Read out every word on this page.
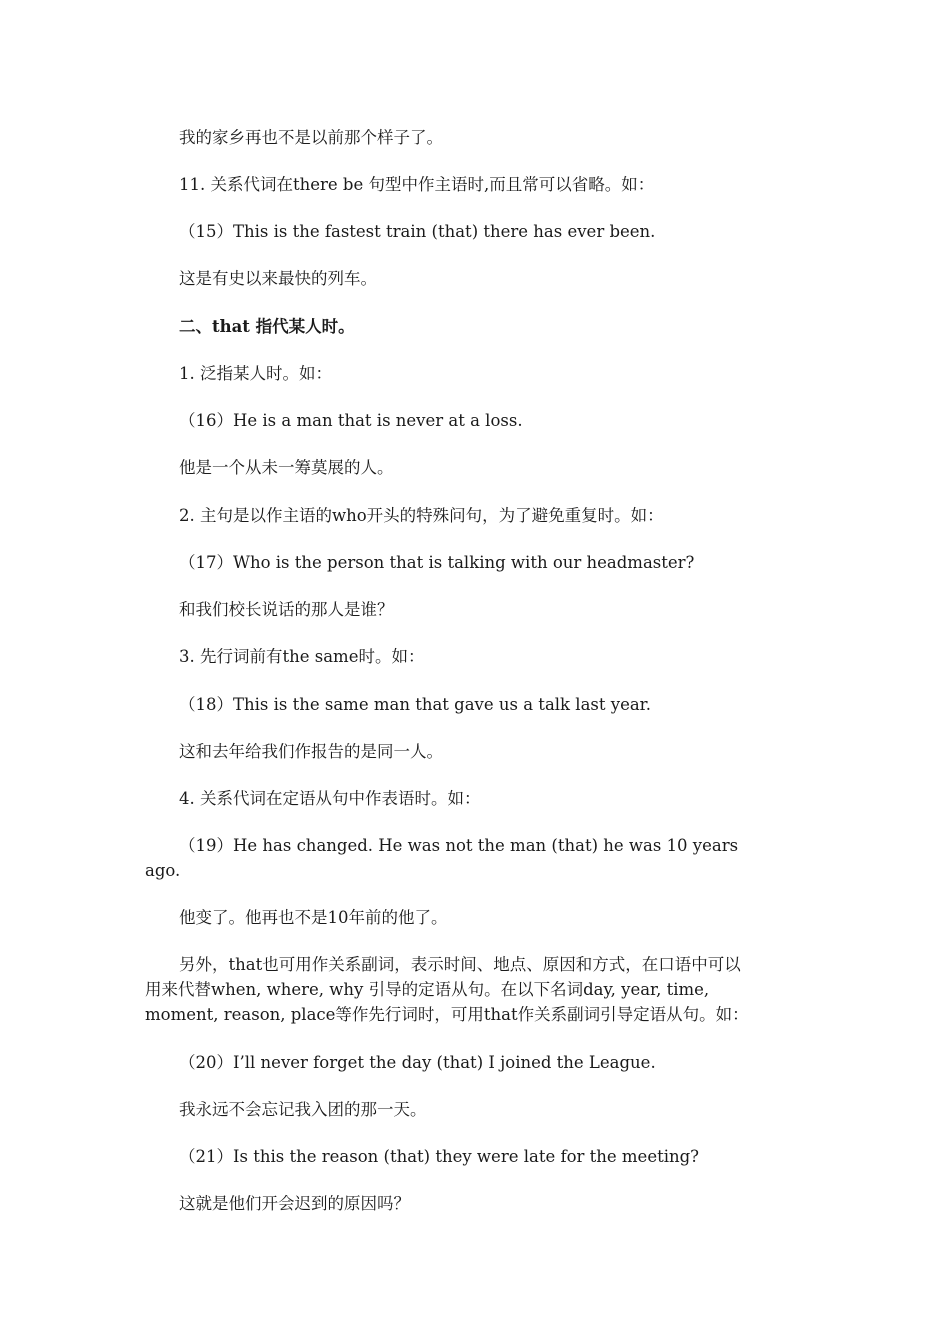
我的家乡再也不是以前那个样子了。
11. 关系代词在there be 句型中作主语时,而且常可以省略。如：
（15）This is the fastest train (that) there has ever been.
这是有史以来最快的列车。
二、that 指代某人时。
1. 泛指某人时。如：
（16）He is a man that is never at a loss.
他是一个从未一筹莫展的人。
2. 主句是以作主语的who开头的特殊问句，为了避免重复时。如：
（17）Who is the person that is talking with our headmaster?
和我们校长说话的那人是谁？
3. 先行词前有the same时。如：
（18）This is the same man that gave us a talk last year.
这和去年给我们作报告的是同一人。
4. 关系代词在定语从句中作表语时。如：
（19）He has changed. He was not the man (that) he was 10 years
ago.
他变了。他再也不是10年前的他了。
另外，that也可用作关系副词，表示时间、地点、原因和方式，在口语中可以
用来代替when, where, why 引导的定语从句。在以下名词day, year, time,
moment, reason, place等作先行词时，可用that作关系副词引导定语从句。如：
（20）I’ll never forget the day (that) I joined the League.
我永远不会忘记我入团的那一天。
（21）Is this the reason (that) they were late for the meeting?
这就是他们开会迟到的原因吗？
